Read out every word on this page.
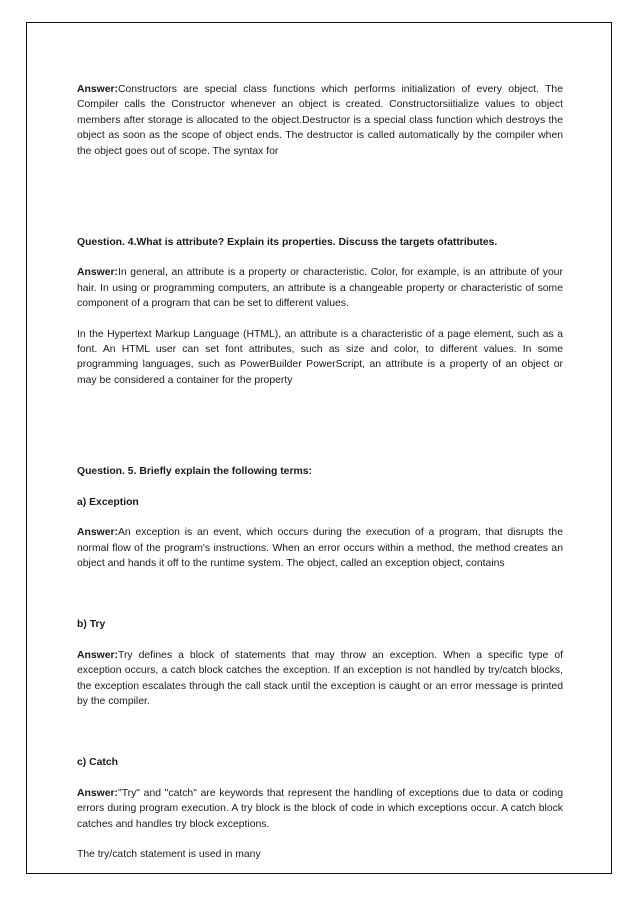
Answer:Constructors are special class functions which performs initialization of every object. The Compiler calls the Constructor whenever an object is created. Constructorsiitialize values to object members after storage is allocated to the object.Destructor is a special class function which destroys the object as soon as the scope of object ends. The destructor is called automatically by the compiler when the object goes out of scope. The syntax for

Question. 4.What is attribute? Explain its properties. Discuss the targets ofattributes.

Answer:In general, an attribute is a property or characteristic. Color, for example, is an attribute of your hair. In using or programming computers, an attribute is a changeable property or characteristic of some component of a program that can be set to different values.

In the Hypertext Markup Language (HTML), an attribute is a characteristic of a page element, such as a font. An HTML user can set font attributes, such as size and color, to different values. In some programming languages, such as PowerBuilder PowerScript, an attribute is a property of an object or may be considered a container for the property

Question. 5. Briefly explain the following terms:

a) Exception

Answer:An exception is an event, which occurs during the execution of a program, that disrupts the normal flow of the program's instructions. When an error occurs within a method, the method creates an object and hands it off to the runtime system. The object, called an exception object, contains

b) Try

Answer:Try defines a block of statements that may throw an exception. When a specific type of exception occurs, a catch block catches the exception. If an exception is not handled by try/catch blocks, the exception escalates through the call stack until the exception is caught or an error message is printed by the compiler.

c) Catch

Answer:"Try" and "catch" are keywords that represent the handling of exceptions due to data or coding errors during program execution. A try block is the block of code in which exceptions occur. A catch block catches and handles try block exceptions.

The try/catch statement is used in many
